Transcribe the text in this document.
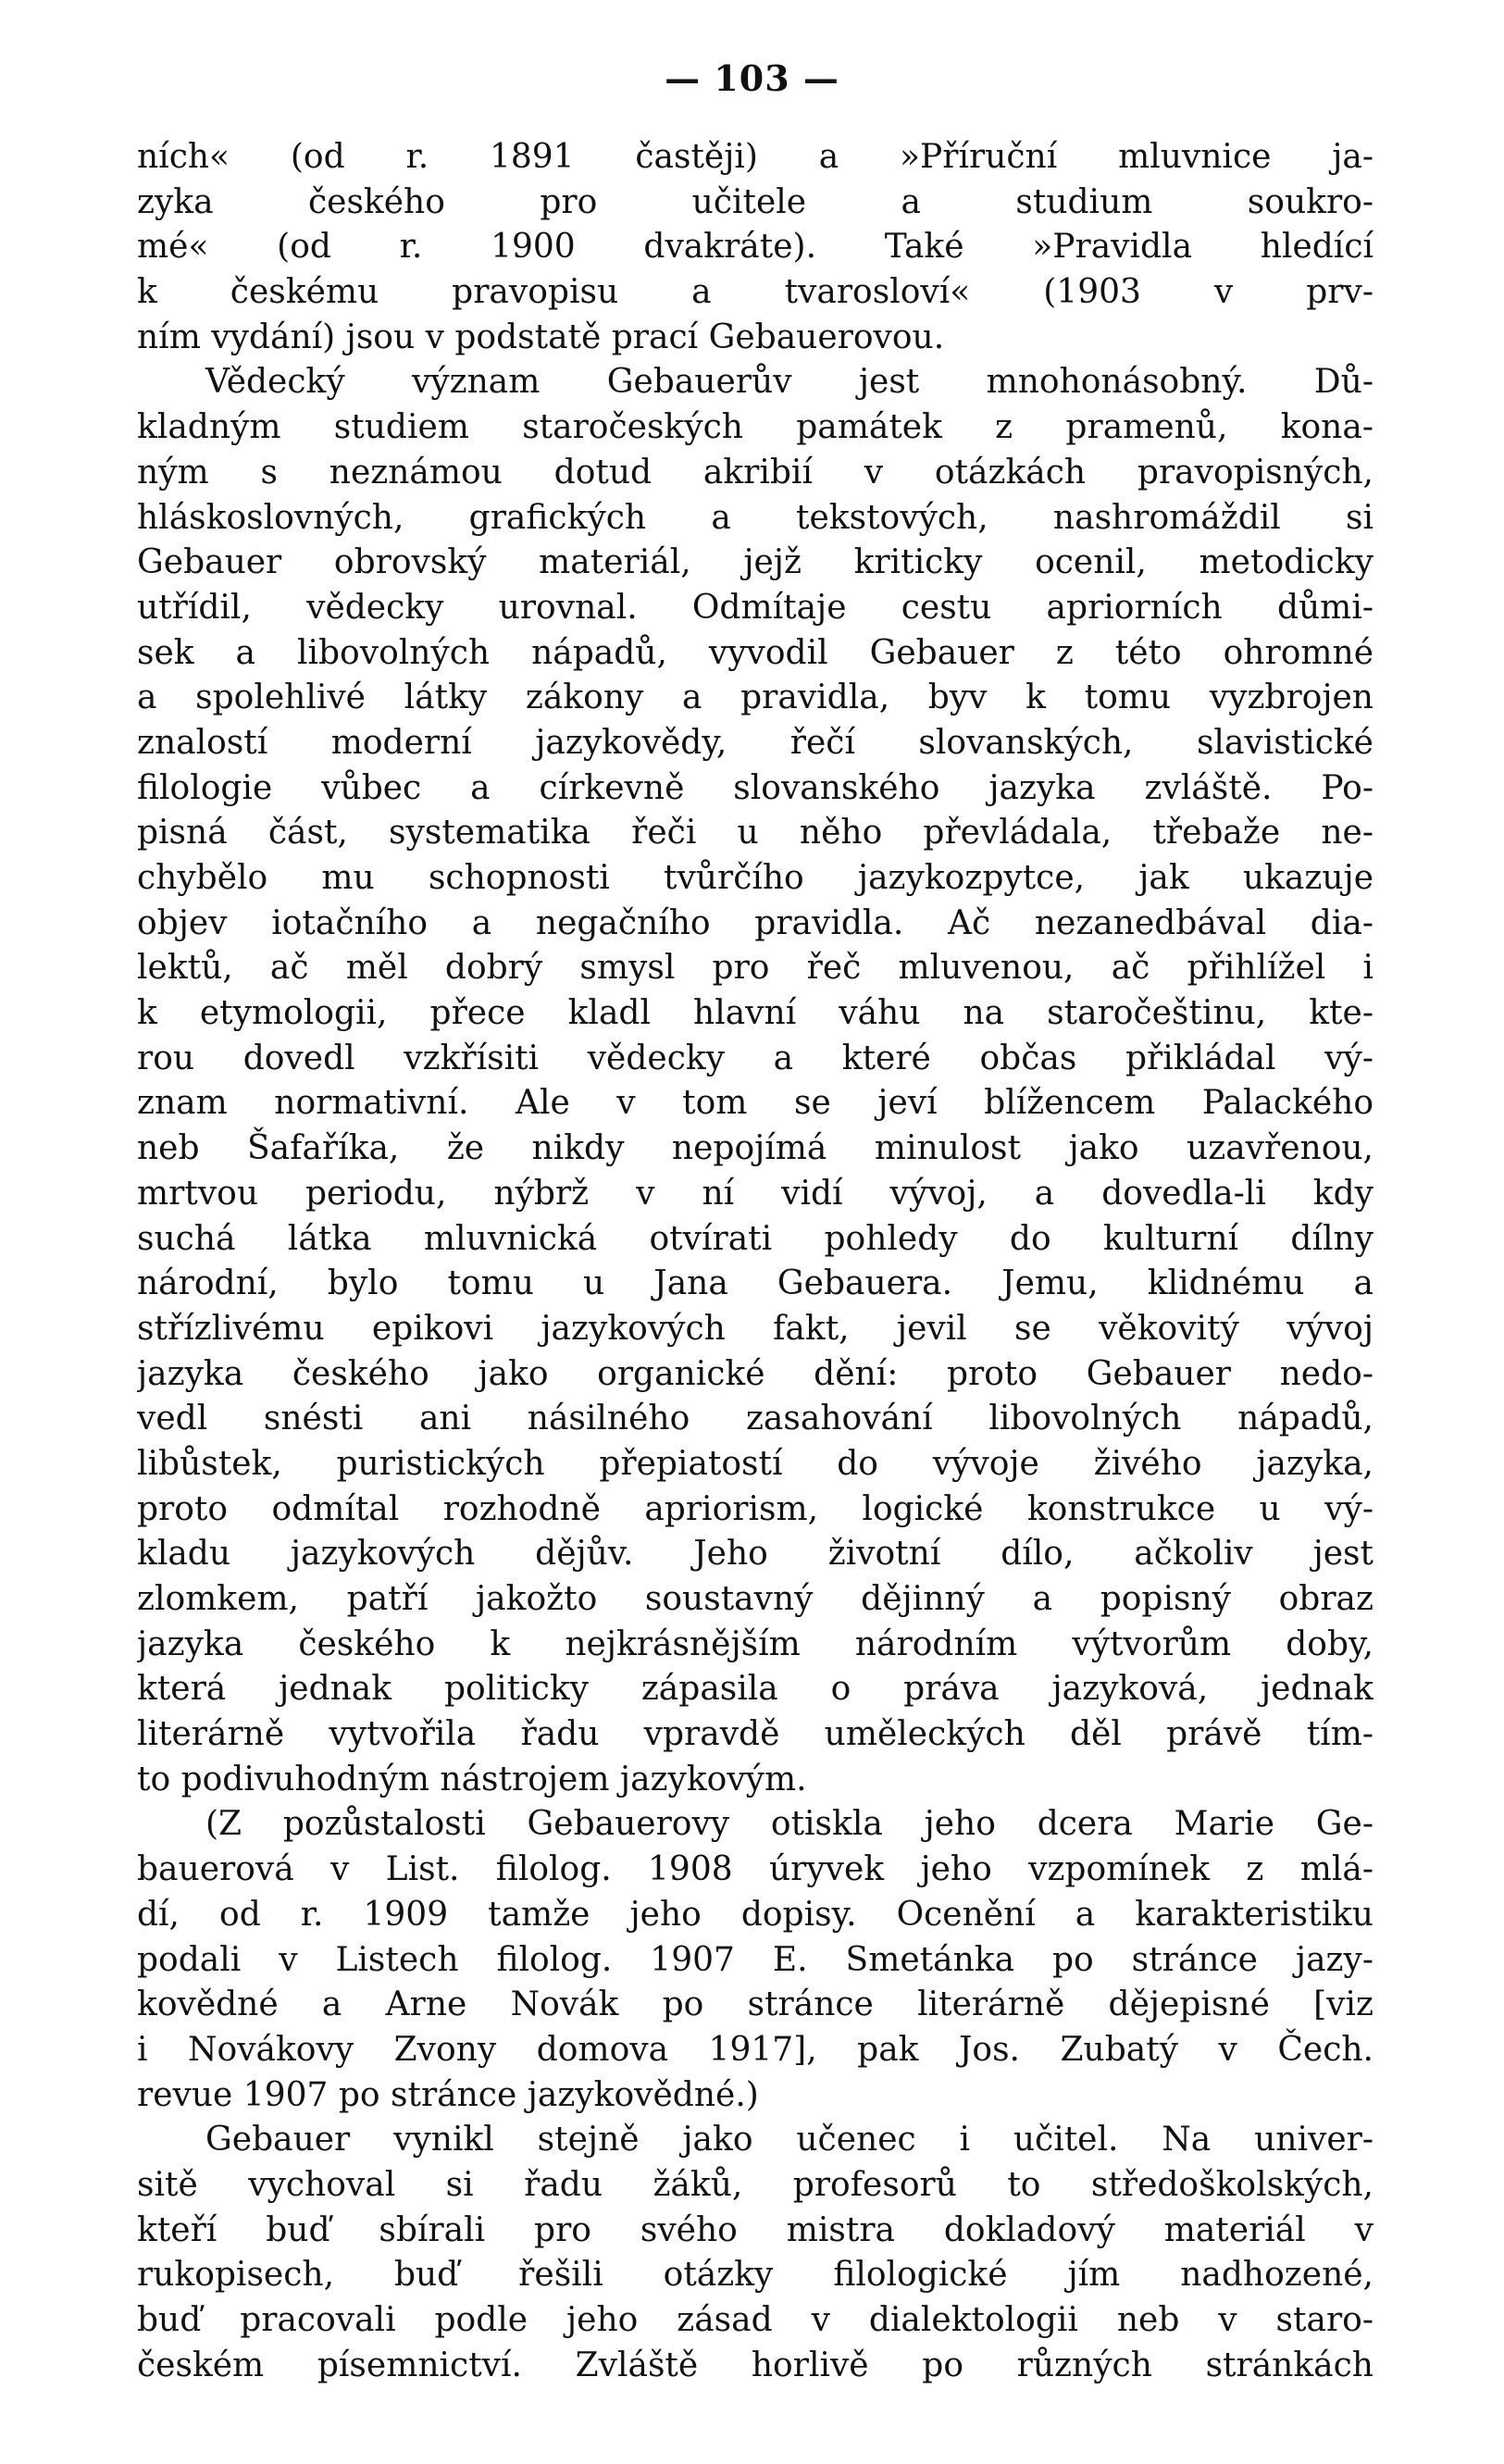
— 103 —
ních« (od r. 1891 častěji) a »Příruční mluvnice ja-
zyka českého pro učitele a studium soukro-
mé« (od r. 1900 dvakráte). Také »Pravidla hledící
k českému pravopisu a tvarosloví« (1903 v prv-
ním vydání) jsou v podstatě prací Gebauerovou.
Vědecký význam Gebauerův jest mnohonásobný. Dů-
kladným studiem staročeských památek z pramenů, kona-
ným s neznámou dotud akribií v otázkách pravopisných,
hláskoslovných, grafických a tekstových, nashromáždil si
Gebauer obrovský materiál, jejž kriticky ocenil, metodicky
utřídil, vědecky urovnal. Odmítaje cestu apriorních důmi-
sek a libovolných nápadů, vyvodil Gebauer z této ohromné
a spolehlivé látky zákony a pravidla, byv k tomu vyzbrojen
znalostí moderní jazykovědy, řečí slovanských, slavistické
filologie vůbec a církevně slovanského jazyka zvláště. Po-
pisná část, systematika řeči u něho převládala, třebaže ne-
chybělo mu schopnosti tvůrčího jazykozpytce, jak ukazuje
objev iotačního a negačního pravidla. Ač nezanedbával dia-
lektů, ač měl dobrý smysl pro řeč mluvenou, ač přihlížel i
k etymologii, přece kladl hlavní váhu na staročeštinu, kte-
rou dovedl vzkřísiti vědecky a které občas přikládal vý-
znam normativní. Ale v tom se jeví blížencem Palackého
neb Šafaříka, že nikdy nepojímá minulost jako uzavřenou,
mrtvou periodu, nýbrž v ní vidí vývoj, a dovedla-li kdy
suchá látka mluvnická otvírati pohledy do kulturní dílny
národní, bylo tomu u Jana Gebauera. Jemu, klidnému a
střízlivému epikovi jazykových fakt, jevil se věkovitý vývoj
jazyka českého jako organické dění: proto Gebauer nedo-
vedl snésti ani násilného zasahování libovolných nápadů,
libůstek, puristických přepiatostí do vývoje živého jazyka,
proto odmítal rozhodně apriorism, logické konstrukce u vý-
kladu jazykových dějův. Jeho životní dílo, ačkoliv jest
zlomkem, patří jakožto soustavný dějinný a popisný obraz
jazyka českého k nejkrásnějším národním výtvorům doby,
která jednak politicky zápasila o práva jazyková, jednak
literárně vytvořila řadu vpravdě uměleckých děl právě tím-
to podivuhodným nástrojem jazykovým.
(Z pozůstalosti Gebauerovy otiskla jeho dcera Marie Ge-
bauerová v List. filolog. 1908 úryvek jeho vzpomínek z mlá-
dí, od r. 1909 tamže jeho dopisy. Ocenění a karakteristiku
podali v Listech filolog. 1907 E. Smetánka po stránce jazy-
kovědné a Arne Novák po stránce literárně dějepisné [viz
i Novákovy Zvony domova 1917], pak Jos. Zubatý v Čech.
revue 1907 po stránce jazykovědné.)
Gebauer vynikl stejně jako učenec i učitel. Na univer-
sitě vychoval si řadu žáků, profesorů to středoškolských,
kteří buď sbírali pro svého mistra dokladový materiál v
rukopisech, buď řešili otázky filologické jím nadhozené,
buď pracovali podle jeho zásad v dialektologii neb v staro-
českém písemnictví. Zvláště horlivě po různých stránkách
